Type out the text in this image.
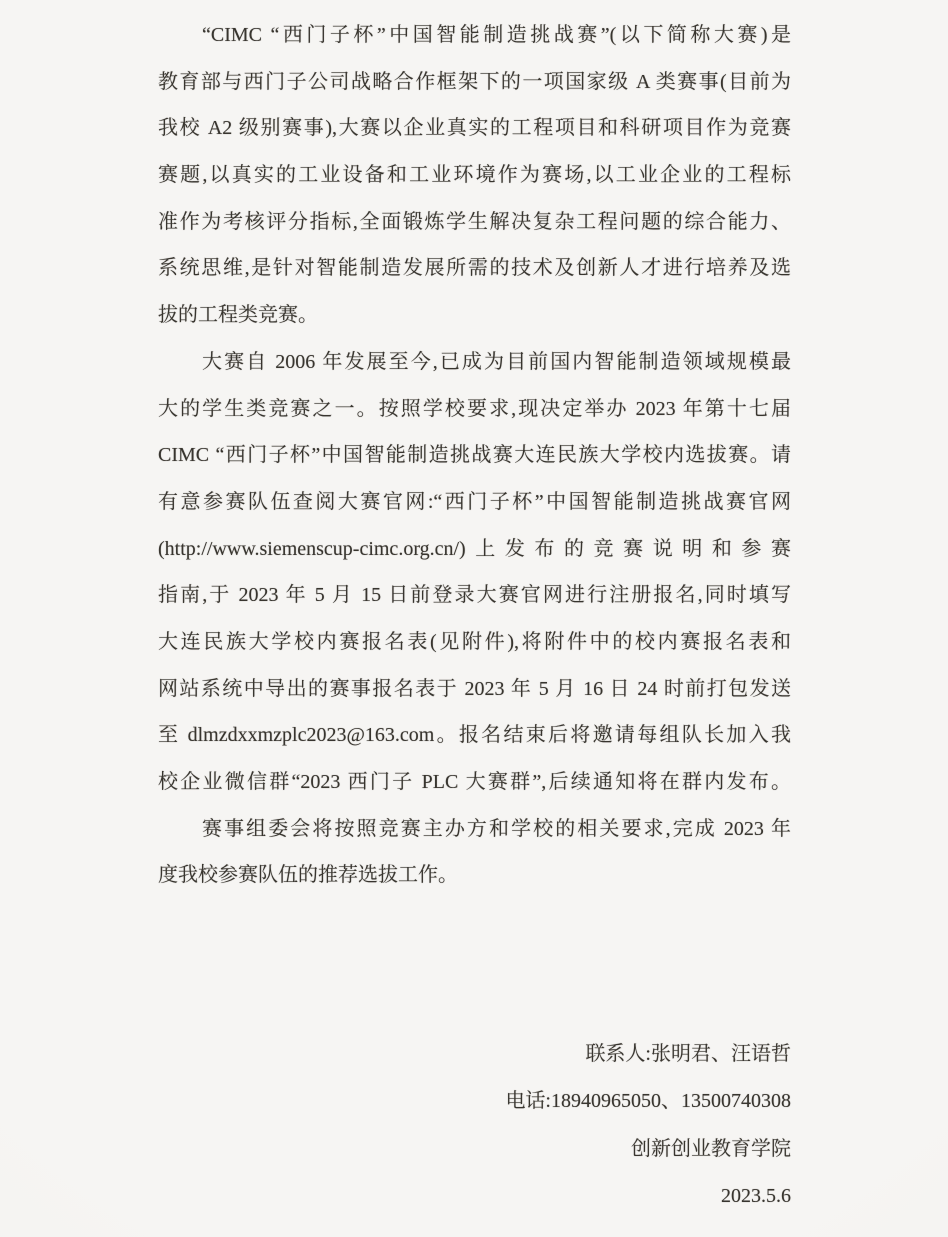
“CIMC “西门子杯”中国智能制造挑战赛”(以下简称大赛)是
教育部与西门子公司战略合作框架下的一项国家级 A 类赛事(目前为
我校 A2 级别赛事),大赛以企业真实的工程项目和科研项目作为竞赛
赛题,以真实的工业设备和工业环境作为赛场,以工业企业的工程标
准作为考核评分指标,全面锻炼学生解决复杂工程问题的综合能力、
系统思维,是针对智能制造发展所需的技术及创新人才进行培养及选
拔的工程类竞赛。
大赛自 2006 年发展至今,已成为目前国内智能制造领域规模最
大的学生类竞赛之一。按照学校要求,现决定举办 2023 年第十七届
CIMC “西门子杯”中国智能制造挑战赛大连民族大学校内选拔赛。请
有意参赛队伍查阅大赛官网:“西门子杯”中国智能制造挑战赛官网
(http://www.siemenscup-cimc.org.cn/)上发布的竞赛说明和参赛
指南,于 2023 年 5 月 15 日前登录大赛官网进行注册报名,同时填写
大连民族大学校内赛报名表(见附件),将附件中的校内赛报名表和
网站系统中导出的赛事报名表于 2023 年 5 月 16 日 24 时前打包发送
至 dlmzdxxmzplc2023@163.com。报名结束后将邀请每组队长加入我
校企业微信群“2023 西门子 PLC 大赛群”,后续通知将在群内发布。
赛事组委会将按照竞赛主办方和学校的相关要求,完成 2023 年
度我校参赛队伍的推荐选拔工作。
联系人:张明君、汪语哲
电话:18940965050、13500740308
创新创业教育学院
2023.5.6
